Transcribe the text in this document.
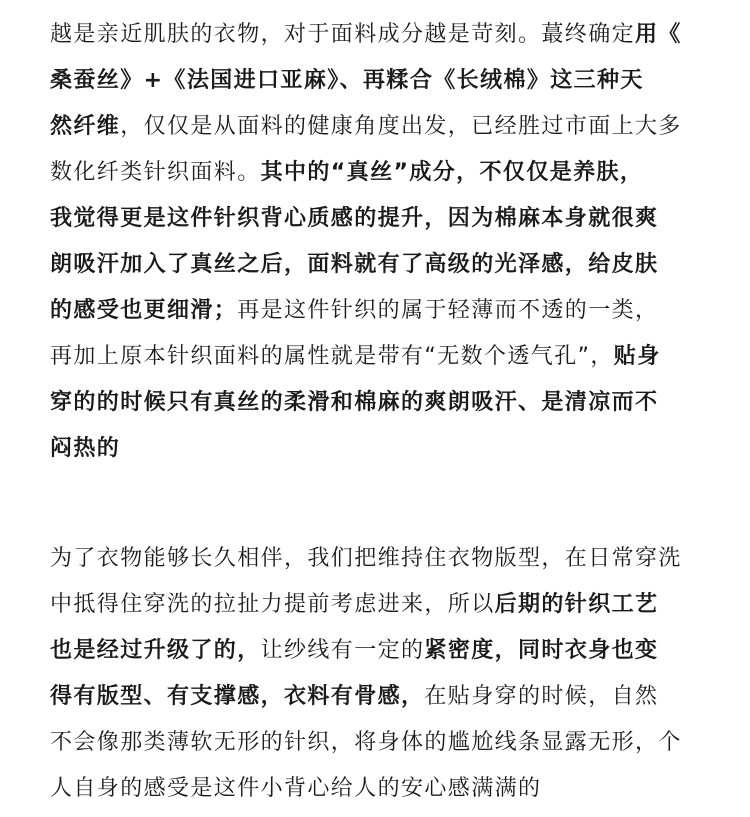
越是亲近肌肤的衣物，对于面料成分越是苛刻。蕞终确定用《
桑蚕丝》+《法国进口亚麻》、再糅合《长绒棉》这三种天
然纤维，仅仅是从面料的健康角度出发，已经胜过市面上大多
数化纤类针织面料。其中的“真丝”成分，不仅仅是养肤，
我觉得更是这件针织背心质感的提升，因为棉麻本身就很爽
朗吸汗加入了真丝之后，面料就有了高级的光泽感，给皮肤
的感受也更细滑；再是这件针织的属于轻薄而不透的一类，
再加上原本针织面料的属性就是带有“无数个透气孔”，贴身
穿的的时候只有真丝的柔滑和棉麻的爽朗吸汗、是清凉而不
闷热的
为了衣物能够长久相伴，我们把维持住衣物版型，在日常穿洗
中抵得住穿洗的拉扯力提前考虑进来，所以后期的针织工艺
也是经过升级了的，让纱线有一定的紧密度，同时衣身也变
得有版型、有支撑感，衣料有骨感，在贴身穿的时候，自然
不会像那类薄软无形的针织，将身体的尴尬线条显露无形，个
人自身的感受是这件小背心给人的安心感满满的
